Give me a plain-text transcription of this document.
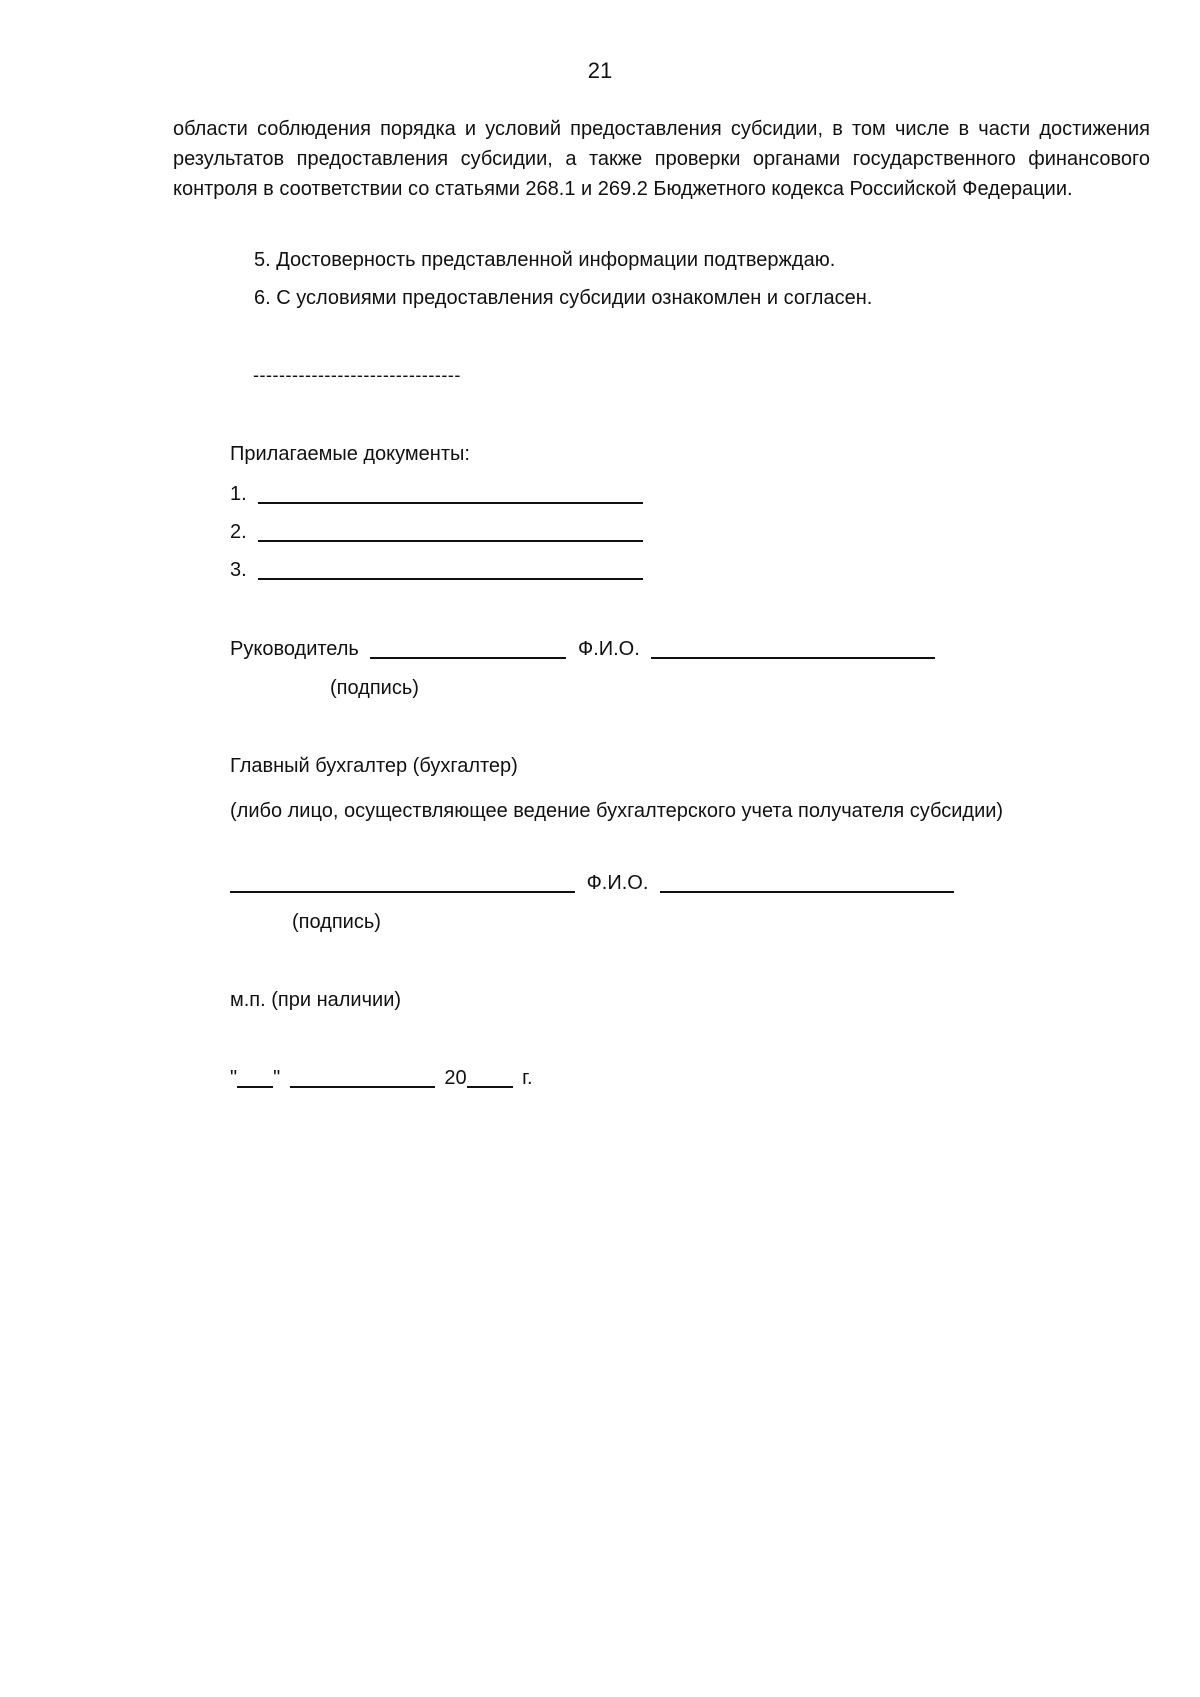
21
области соблюдения порядка и условий предоставления субсидии, в том числе в части достижения результатов предоставления субсидии, а также проверки органами государственного финансового контроля в соответствии со статьями 268.1 и 269.2 Бюджетного кодекса Российской Федерации.
5. Достоверность представленной информации подтверждаю.
6. С условиями предоставления субсидии ознакомлен и согласен.
--------------------------------
Прилагаемые документы:
1.
2.
3.
Руководитель	Ф.И.О.
(подпись)
Главный бухгалтер (бухгалтер)
(либо лицо, осуществляющее ведение бухгалтерского учета получателя субсидии)
Ф.И.О.
(подпись)
м.п. (при наличии)
" "	20	г.
